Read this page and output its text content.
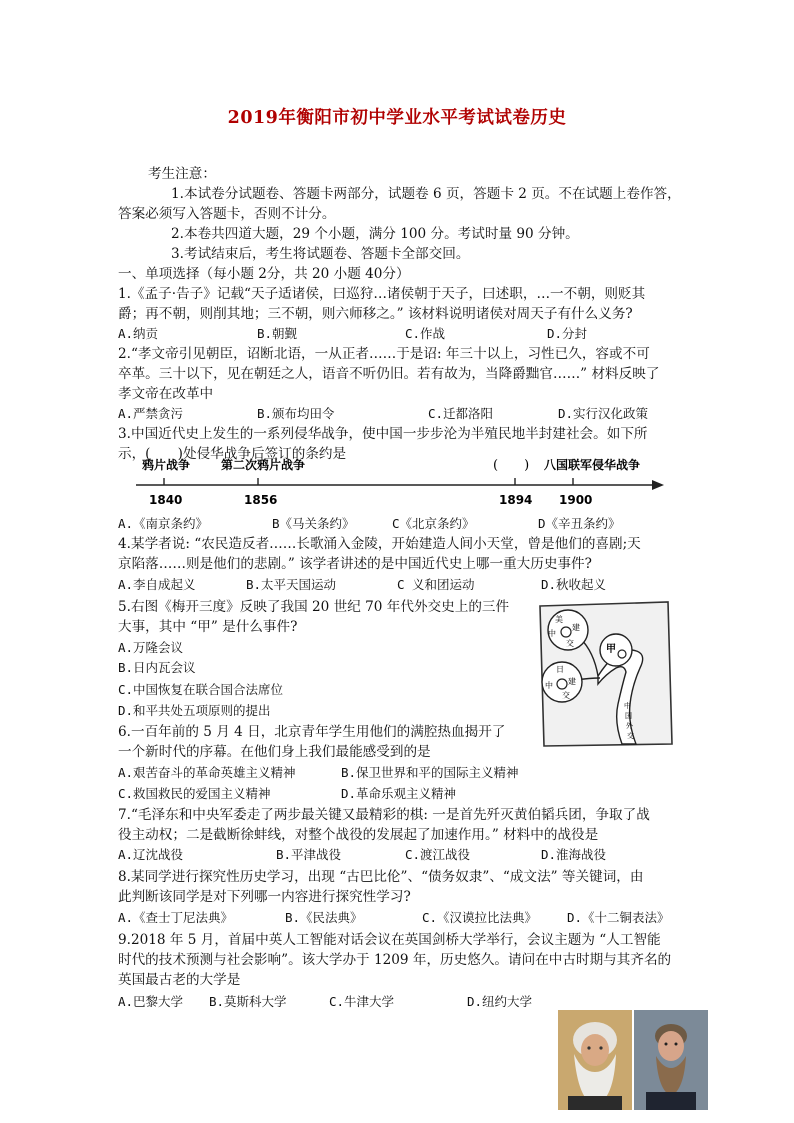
2019年衡阳市初中学业水平考试试卷历史
考生注意：
1.本试卷分试题卷、答题卡两部分，试题卷 6 页，答题卡 2 页。不在试题上卷作答，
答案必须写入答题卡，否则不计分。
2.本卷共四道大题，29 个小题，满分 100 分。考试时量 90 分钟。
3.考试结束后，考生将试题卷、答题卡全部交回。
一、单项选择（每小题 2分，共 20 小题 40分）
1.《孟子·告子》记载“天子适诸侯，曰巡狩…诸侯朝于天子，曰述职，…一不朝，则贬其
爵；再不朝，则削其地；三不朝，则六师移之。” 该材料说明诸侯对周天子有什么义务?
A.纳贡	B.朝觐	C.作战	D.分封
2.“孝文帝引见朝臣，诏断北语，一从正者……于是诏: 年三十以上，习性已久，容或不可
卒革。三十以下，见在朝廷之人，语音不听仍旧。若有故为，当降爵黜官……” 材料反映了
孝文帝在改革中
A.严禁贪污	B.颁布均田令	C.迁都洛阳	D.实行汉化政策
3.中国近代史上发生的一系列侵华战争，使中国一步步沦为半殖民地半封建社会。如下所
示，(　　)处侵华战争后签订的条约是
鸦片战争	第二次鸦片战争	(　　) 八国联军侵华战争
1840	1856	1894 1900
A.《南京条约》	B《马关条约》	C《北京条约》	D《辛丑条约》
4.某学者说: “农民造反者……长歌涌入金陵，开始建造人间小天堂，曾是他们的喜剧;天
京陷落……则是他们的悲剧。” 该学者讲述的是中国近代史上哪一重大历史事件?
A.李自成起义	B.太平天国运动	C 义和团运动	D.秋收起义
5.右图《梅开三度》反映了我国 20 世纪 70 年代外交史上的三件
大事，其中 “甲” 是什么事件?
A.万隆会议
B.日内瓦会议
C.中国恢复在联合国合法席位
D.和平共处五项原则的提出
美
中
建
交
甲
日
中 建
交
中
国
外
交
6.一百年前的 5 月 4 日，北京青年学生用他们的满腔热血揭开了
一个新时代的序幕。在他们身上我们最能感受到的是
A.艰苦奋斗的革命英雄主义精神	B.保卫世界和平的国际主义精神
C.救国救民的爱国主义精神	D.革命乐观主义精神
7.“毛泽东和中央军委走了两步最关键又最精彩的棋: 一是首先歼灭黄伯韬兵团，争取了战
役主动权；二是截断徐蚌线，对整个战役的发展起了加速作用。” 材料中的战役是
A.辽沈战役	B.平津战役	C.渡江战役	D.淮海战役
8.某同学进行探究性历史学习，出现 “古巴比伦”、“债务奴隶”、“成文法” 等关键词，由
此判断该同学是对下列哪一内容进行探究性学习?
A.《查士丁尼法典》	B.《民法典》	C.《汉谟拉比法典》 D.《十二铜表法》
9.2018 年 5 月，首届中英人工智能对话会议在英国剑桥大学举行，会议主题为 “人工智能
时代的技术预测与社会影响”。该大学办于 1209 年，历史悠久。请问在中古时期与其齐名的
英国最古老的大学是
A.巴黎大学 B.莫斯科大学	C.牛津大学	D.纽约大学
